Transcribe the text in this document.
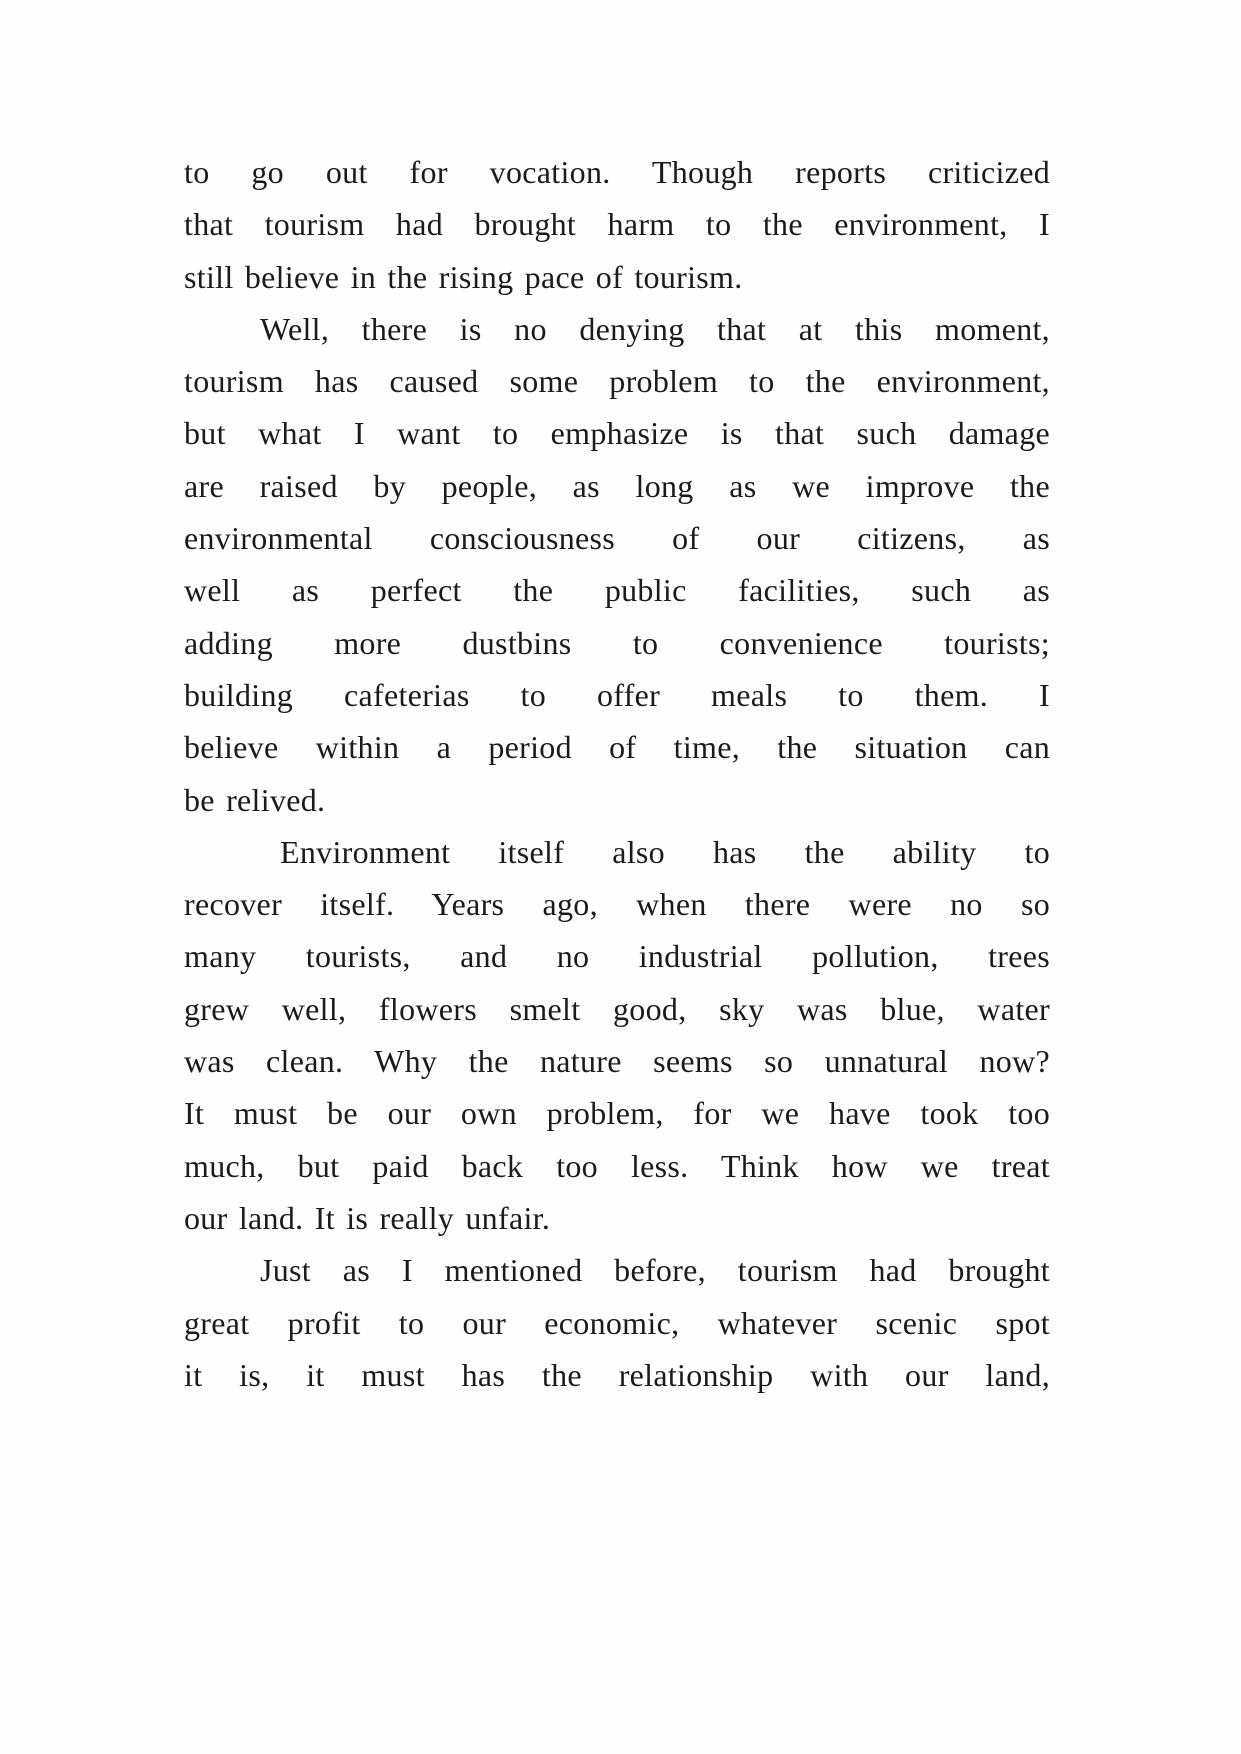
to go out for vocation. Though reports criticized
that tourism had brought harm to the environment, I
still believe in the rising pace of tourism.
Well, there is no denying that at this moment,
tourism has caused some problem to the environment,
but what I want to emphasize is that such damage
are raised by people, as long as we improve the
environmental consciousness of our citizens, as
well as perfect the public facilities, such as
adding more dustbins to convenience tourists;
building cafeterias to offer meals to them. I
believe within a period of time, the situation can
be relived.
Environment itself also has the ability to
recover itself. Years ago, when there were no so
many tourists, and no industrial pollution, trees
grew well, flowers smelt good, sky was blue, water
was clean. Why the nature seems so unnatural now?
It must be our own problem, for we have took too
much, but paid back too less. Think how we treat
our land. It is really unfair.
Just as I mentioned before, tourism had brought
great profit to our economic, whatever scenic spot
it is, it must has the relationship with our land,
